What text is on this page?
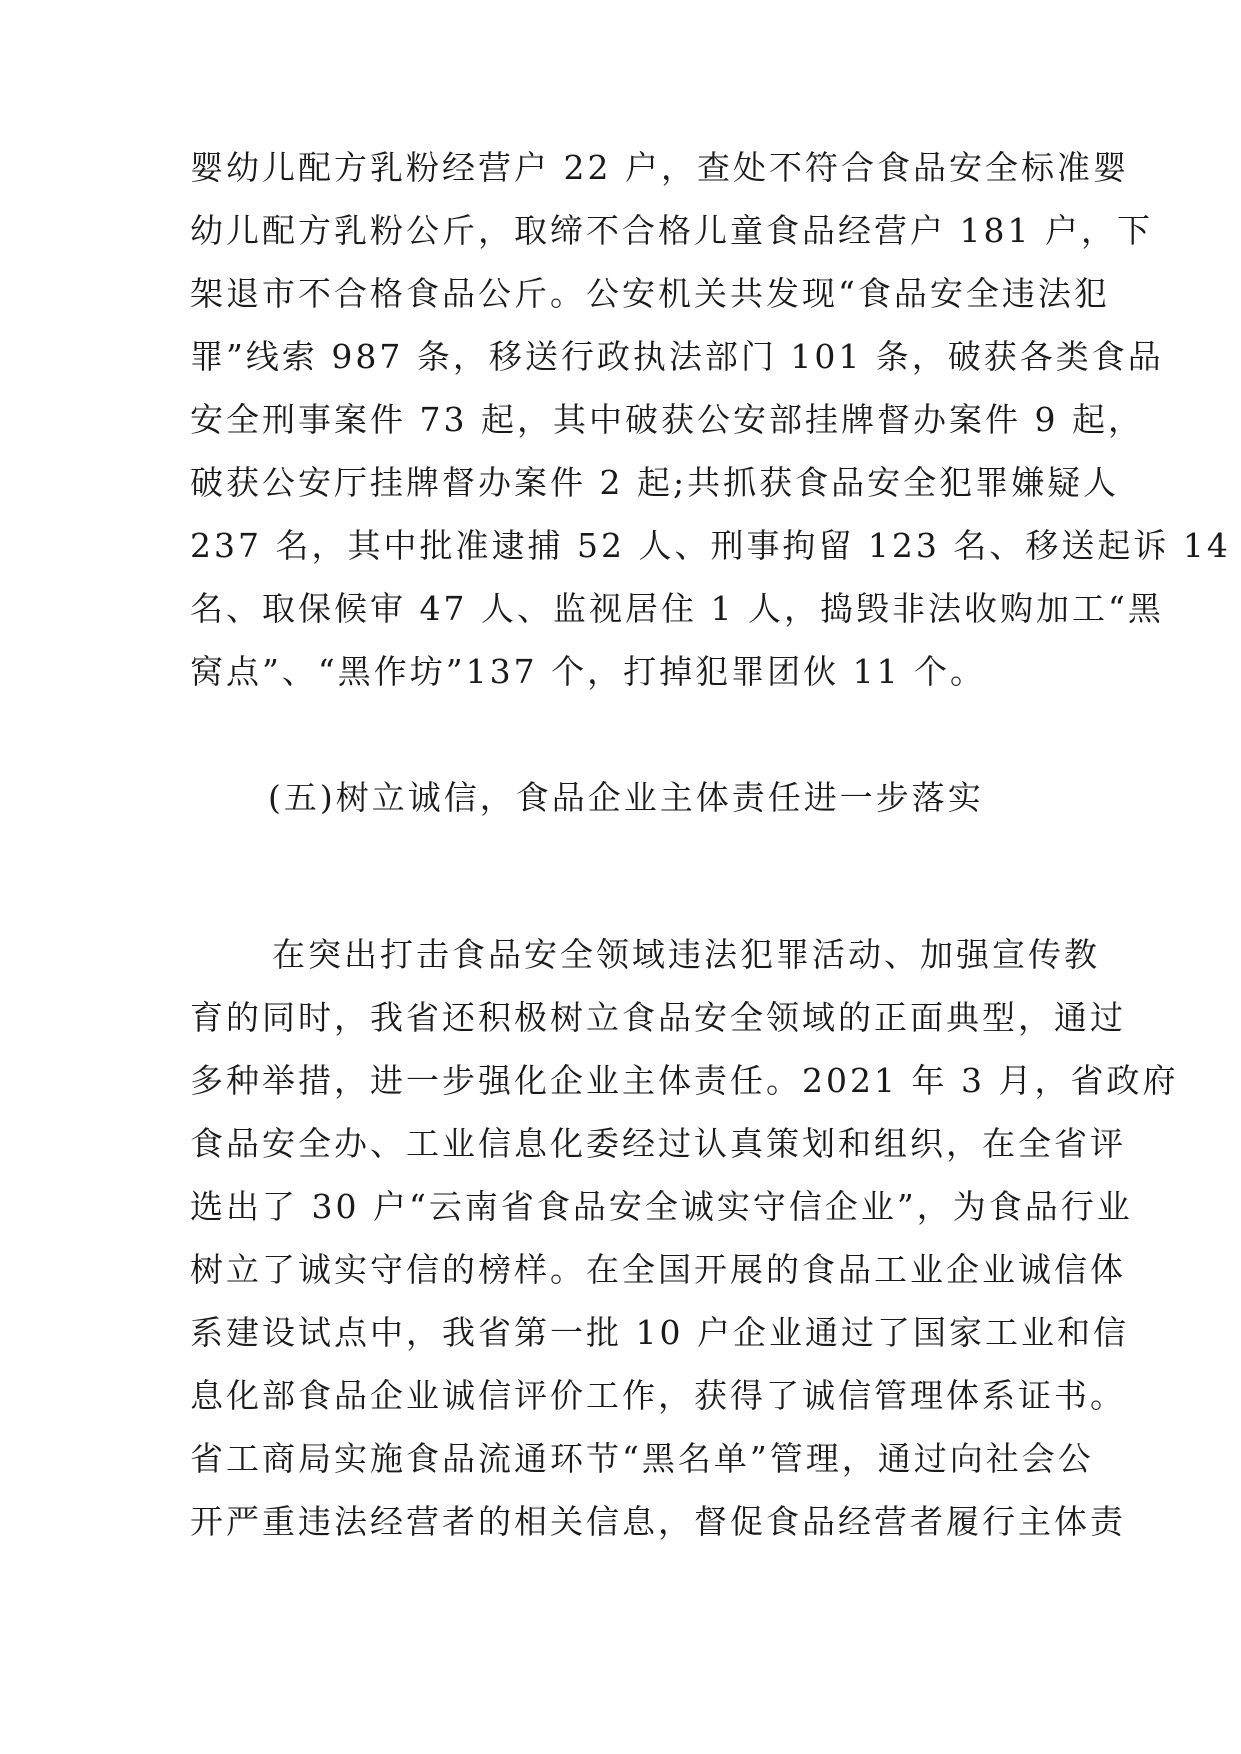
婴幼儿配方乳粉经营户 22 户，查处不符合食品安全标准婴
幼儿配方乳粉公斤，取缔不合格儿童食品经营户 181 户，下
架退市不合格食品公斤。公安机关共发现“食品安全违法犯
罪”线索 987 条，移送行政执法部门 101 条，破获各类食品
安全刑事案件 73 起，其中破获公安部挂牌督办案件 9 起，
破获公安厅挂牌督办案件 2 起;共抓获食品安全犯罪嫌疑人
237 名，其中批准逮捕 52 人、刑事拘留 123 名、移送起诉 14
名、取保候审 47 人、监视居住 1 人，捣毁非法收购加工“黑
窝点”、“黑作坊”137 个，打掉犯罪团伙 11 个。
(五)树立诚信，食品企业主体责任进一步落实
在突出打击食品安全领域违法犯罪活动、加强宣传教
育的同时，我省还积极树立食品安全领域的正面典型，通过
多种举措，进一步强化企业主体责任。2021 年 3 月，省政府
食品安全办、工业信息化委经过认真策划和组织，在全省评
选出了 30 户“云南省食品安全诚实守信企业”，为食品行业
树立了诚实守信的榜样。在全国开展的食品工业企业诚信体
系建设试点中，我省第一批 10 户企业通过了国家工业和信
息化部食品企业诚信评价工作，获得了诚信管理体系证书。
省工商局实施食品流通环节“黑名单”管理，通过向社会公
开严重违法经营者的相关信息，督促食品经营者履行主体责
